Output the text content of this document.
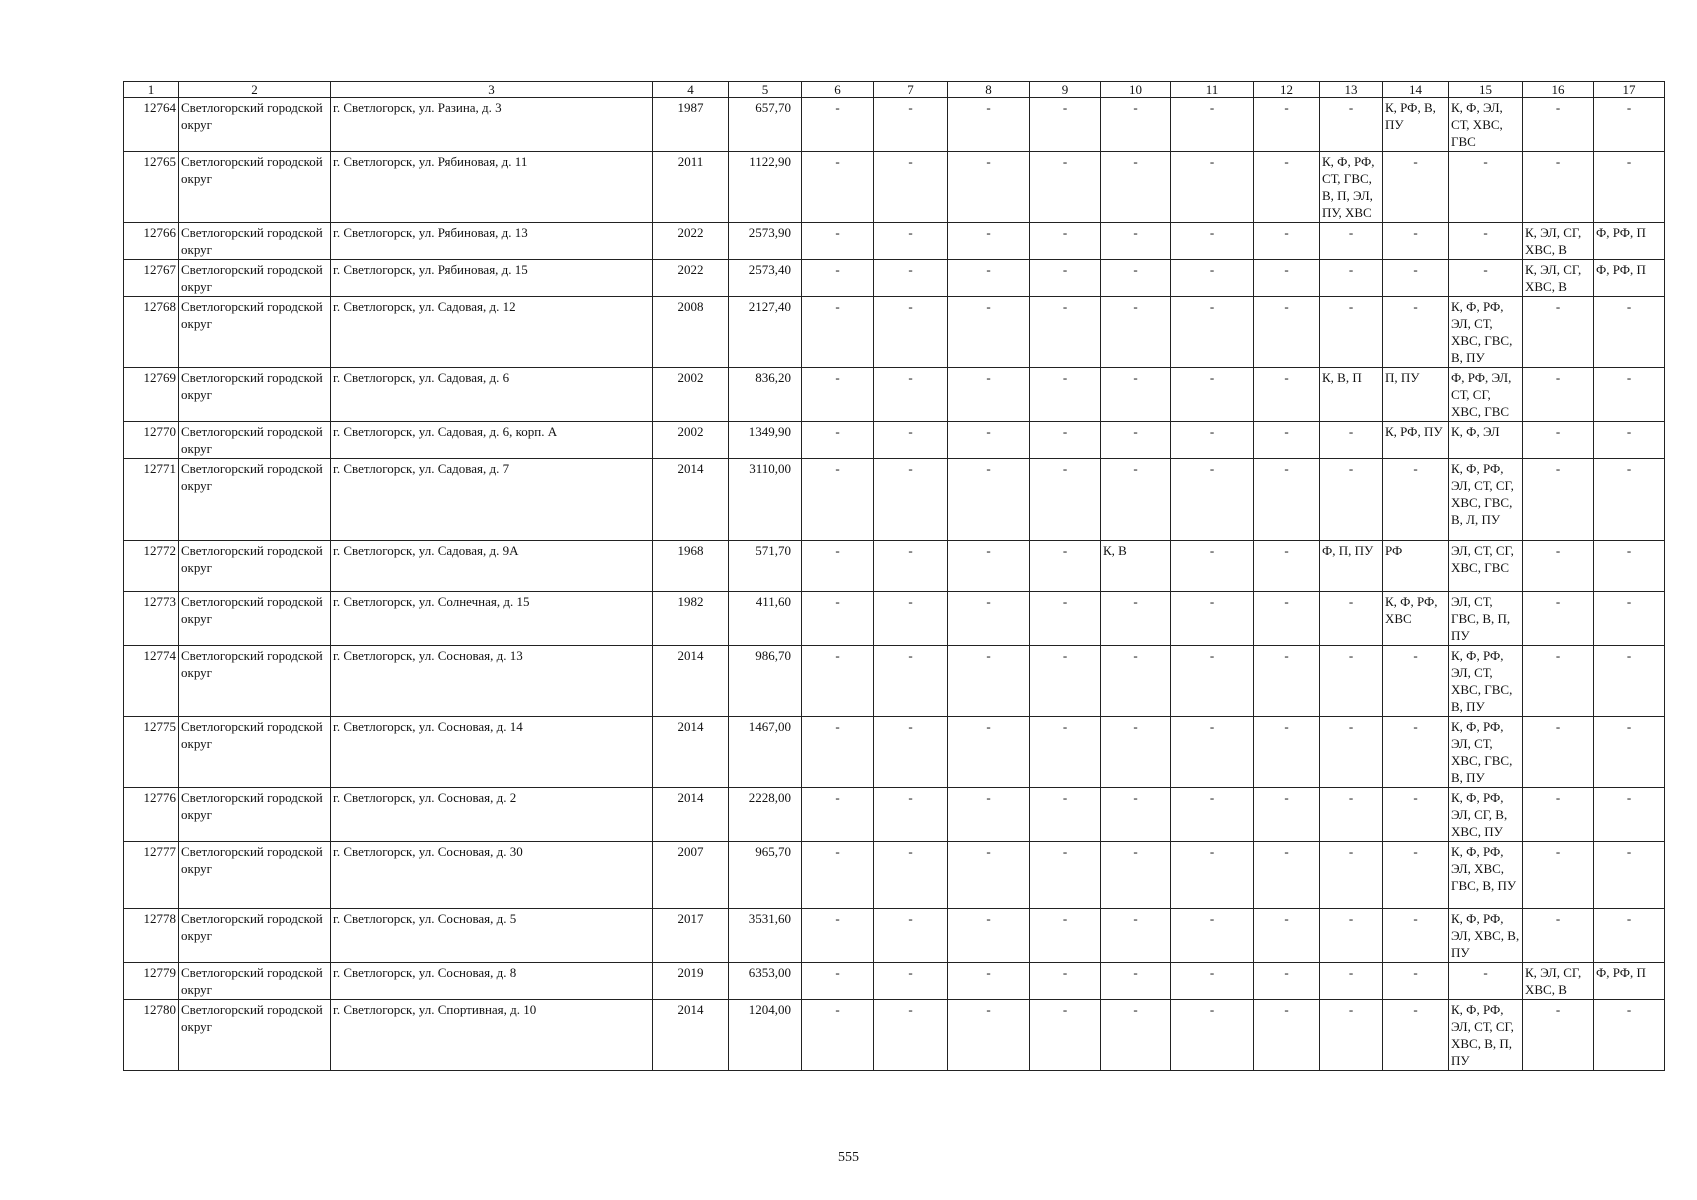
1	2	3	4	5	6	7	8	9	10	11	12	13	14	15	16	17
12764	Светлогорский городской округ	г. Светлогорск, ул. Разина, д. 3	1987	657,70	-	-	-	-	-	-	-	-	К, РФ, В, ПУ	К, Ф, ЭЛ, СТ, ХВС, ГВС	-	-
12765	Светлогорский городской округ	г. Светлогорск, ул. Рябиновая, д. 11	2011	1122,90	-	-	-	-	-	-	-	К, Ф, РФ, СТ, ГВС, В, П, ЭЛ, ПУ, ХВС	-	-	-	-
12766	Светлогорский городской округ	г. Светлогорск, ул. Рябиновая, д. 13	2022	2573,90	-	-	-	-	-	-	-	-	-	-	К, ЭЛ, СГ, ХВС, В	Ф, РФ, П
12767	Светлогорский городской округ	г. Светлогорск, ул. Рябиновая, д. 15	2022	2573,40	-	-	-	-	-	-	-	-	-	-	К, ЭЛ, СГ, ХВС, В	Ф, РФ, П
12768	Светлогорский городской округ	г. Светлогорск, ул. Садовая, д. 12	2008	2127,40	-	-	-	-	-	-	-	-	-	К, Ф, РФ, ЭЛ, СТ, ХВС, ГВС, В, ПУ	-	-
12769	Светлогорский городской округ	г. Светлогорск, ул. Садовая, д. 6	2002	836,20	-	-	-	-	-	-	-	К, В, П	П, ПУ	Ф, РФ, ЭЛ, СТ, СГ, ХВС, ГВС	-	-
12770	Светлогорский городской округ	г. Светлогорск, ул. Садовая, д. 6, корп. А	2002	1349,90	-	-	-	-	-	-	-	-	К, РФ, ПУ	К, Ф, ЭЛ	-	-
12771	Светлогорский городской округ	г. Светлогорск, ул. Садовая, д. 7	2014	3110,00	-	-	-	-	-	-	-	-	-	К, Ф, РФ, ЭЛ, СТ, СГ, ХВС, ГВС, В, Л, ПУ	-	-
12772	Светлогорский городской округ	г. Светлогорск, ул. Садовая, д. 9А	1968	571,70	-	-	-	-	К, В	-	-	Ф, П, ПУ	РФ	ЭЛ, СТ, СГ, ХВС, ГВС	-	-
12773	Светлогорский городской округ	г. Светлогорск, ул. Солнечная, д. 15	1982	411,60	-	-	-	-	-	-	-	-	К, Ф, РФ, ХВС	ЭЛ, СТ, ГВС, В, П, ПУ	-	-
12774	Светлогорский городской округ	г. Светлогорск, ул. Сосновая, д. 13	2014	986,70	-	-	-	-	-	-	-	-	-	К, Ф, РФ, ЭЛ, СТ, ХВС, ГВС, В, ПУ	-	-
12775	Светлогорский городской округ	г. Светлогорск, ул. Сосновая, д. 14	2014	1467,00	-	-	-	-	-	-	-	-	-	К, Ф, РФ, ЭЛ, СТ, ХВС, ГВС, В, ПУ	-	-
12776	Светлогорский городской округ	г. Светлогорск, ул. Сосновая, д. 2	2014	2228,00	-	-	-	-	-	-	-	-	-	К, Ф, РФ, ЭЛ, СГ, В, ХВС, ПУ	-	-
12777	Светлогорский городской округ	г. Светлогорск, ул. Сосновая, д. 30	2007	965,70	-	-	-	-	-	-	-	-	-	К, Ф, РФ, ЭЛ, ХВС, ГВС, В, ПУ	-	-
12778	Светлогорский городской округ	г. Светлогорск, ул. Сосновая, д. 5	2017	3531,60	-	-	-	-	-	-	-	-	-	К, Ф, РФ, ЭЛ, ХВС, В, ПУ	-	-
12779	Светлогорский городской округ	г. Светлогорск, ул. Сосновая, д. 8	2019	6353,00	-	-	-	-	-	-	-	-	-	-	К, ЭЛ, СГ, ХВС, В	Ф, РФ, П
12780	Светлогорский городской округ	г. Светлогорск, ул. Спортивная, д. 10	2014	1204,00	-	-	-	-	-	-	-	-	-	К, Ф, РФ, ЭЛ, СТ, СГ, ХВС, В, П, ПУ	-	-
555
